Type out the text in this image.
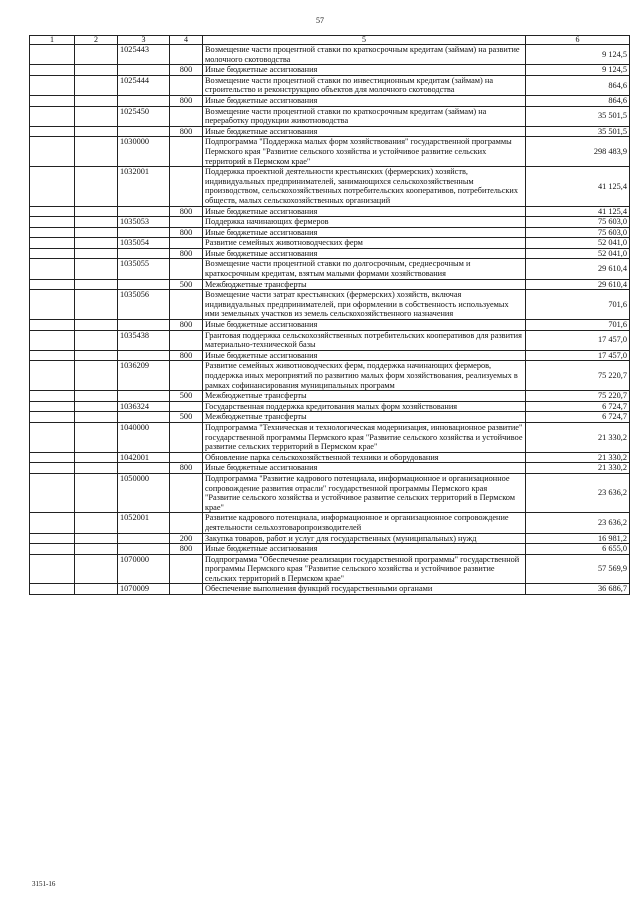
57
1	2	3	4	5	6
		1025443		Возмещение части процентной ставки по краткосрочным кредитам (займам) на развитие молочного скотоводства	9 124,5
			800	Иные бюджетные ассигнования	9 124,5
		1025444		Возмещение части процентной ставки по инвестиционным кредитам (займам) на строительство и реконструкцию объектов для молочного скотоводства	864,6
			800	Иные бюджетные ассигнования	864,6
		1025450		Возмещение части процентной ставки по краткосрочным кредитам (займам) на переработку продукции животноводства	35 501,5
			800	Иные бюджетные ассигнования	35 501,5
		1030000		Подпрограмма "Поддержка малых форм хозяйствования" государственной программы Пермского края "Развитие сельского хозяйства и устойчивое развитие сельских территорий в Пермском крае"	298 483,9
		1032001		Поддержка проектной деятельности крестьянских (фермерских) хозяйств, индивидуальных предпринимателей, занимающихся сельскохозяйственным производством, сельскохозяйственных потребительских кооперативов, потребительских обществ, малых сельскохозяйственных организаций	41 125,4
			800	Иные бюджетные ассигнования	41 125,4
		1035053		Поддержка начинающих фермеров	75 603,0
			800	Иные бюджетные ассигнования	75 603,0
		1035054		Развитие семейных животноводческих ферм	52 041,0
			800	Иные бюджетные ассигнования	52 041,0
		1035055		Возмещение части процентной ставки по долгосрочным, среднесрочным и краткосрочным кредитам, взятым малыми формами хозяйствования	29 610,4
			500	Межбюджетные трансферты	29 610,4
		1035056		Возмещение части затрат крестьянских (фермерских) хозяйств, включая индивидуальных предпринимателей, при оформлении в собственность используемых ими земельных участков из земель сельскохозяйственного назначения	701,6
			800	Иные бюджетные ассигнования	701,6
		1035438		Грантовая поддержка сельскохозяйственных потребительских кооперативов для развития материально-технической базы	17 457,0
			800	Иные бюджетные ассигнования	17 457,0
		1036209		Развитие семейных животноводческих ферм, поддержка начинающих фермеров, поддержка иных мероприятий по развитию малых форм хозяйствования, реализуемых в рамках софинансирования муниципальных программ	75 220,7
			500	Межбюджетные трансферты	75 220,7
		1036324		Государственная поддержка кредитования малых форм хозяйствования	6 724,7
			500	Межбюджетные трансферты	6 724,7
		1040000		Подпрограмма "Техническая и технологическая модернизация, инновационное развитие" государственной программы Пермского края "Развитие сельского хозяйства и устойчивое развитие сельских территорий в Пермском крае"	21 330,2
		1042001		Обновление парка сельскохозяйственной техники и оборудования	21 330,2
			800	Иные бюджетные ассигнования	21 330,2
		1050000		Подпрограмма "Развитие кадрового потенциала, информационное и организационное сопровождение развития отрасли" государственной программы Пермского края "Развитие сельского хозяйства и устойчивое развитие сельских территорий в Пермском крае"	23 636,2
		1052001		Развитие кадрового потенциала, информационное и организационное сопровождение деятельности сельхозтоваропроизводителей	23 636,2
			200	Закупка товаров, работ и услуг для государственных (муниципальных) нужд	16 981,2
			800	Иные бюджетные ассигнования	6 655,0
		1070000		Подпрограмма "Обеспечение реализации государственной программы" государственной программы Пермского края "Развитие сельского хозяйства и устойчивое развитие сельских территорий в Пермском крае"	57 569,9
		1070009		Обеспечение выполнения функций государственными органами	36 686,7
3151-16
